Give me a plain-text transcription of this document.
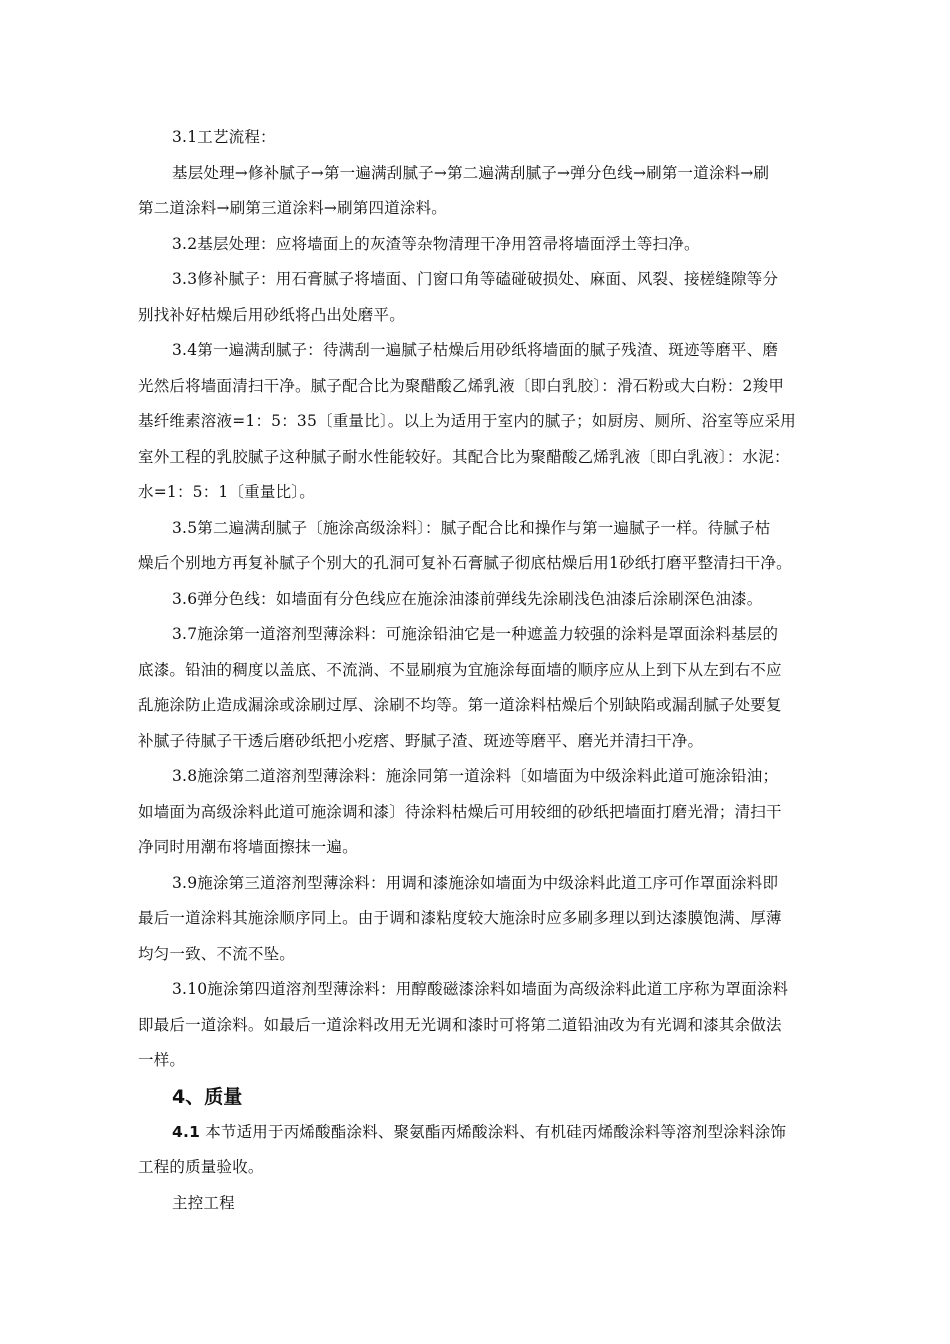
3.1工艺流程：
基层处理→修补腻子→第一遍满刮腻子→第二遍满刮腻子→弹分色线→刷第一道涂料→刷
第二道涂料→刷第三道涂料→刷第四道涂料。
3.2基层处理：应将墙面上的灰渣等杂物清理干净用笤帚将墙面浮土等扫净。
3.3修补腻子：用石膏腻子将墙面、门窗口角等磕碰破损处、麻面、风裂、接槎缝隙等分
别找补好枯燥后用砂纸将凸出处磨平。
3.4第一遍满刮腻子：待满刮一遍腻子枯燥后用砂纸将墙面的腻子残渣、斑迹等磨平、磨
光然后将墙面清扫干净。腻子配合比为聚醋酸乙烯乳液〔即白乳胶〕：滑石粉或大白粉：2羧甲
基纤维素溶液=1：5：35〔重量比〕。以上为适用于室内的腻子；如厨房、厕所、浴室等应采用
室外工程的乳胶腻子这种腻子耐水性能较好。其配合比为聚醋酸乙烯乳液〔即白乳液〕：水泥：
水=1：5：1〔重量比〕。
3.5第二遍满刮腻子〔施涂高级涂料〕：腻子配合比和操作与第一遍腻子一样。待腻子枯
燥后个别地方再复补腻子个别大的孔洞可复补石膏腻子彻底枯燥后用1砂纸打磨平整清扫干净。
3.6弹分色线：如墙面有分色线应在施涂油漆前弹线先涂刷浅色油漆后涂刷深色油漆。
3.7施涂第一道溶剂型薄涂料：可施涂铅油它是一种遮盖力较强的涂料是罩面涂料基层的
底漆。铅油的稠度以盖底、不流淌、不显刷痕为宜施涂每面墙的顺序应从上到下从左到右不应
乱施涂防止造成漏涂或涂刷过厚、涂刷不均等。第一道涂料枯燥后个别缺陷或漏刮腻子处要复
补腻子待腻子干透后磨砂纸把小疙瘩、野腻子渣、斑迹等磨平、磨光并清扫干净。
3.8施涂第二道溶剂型薄涂料：施涂同第一道涂料〔如墙面为中级涂料此道可施涂铅油；
如墙面为高级涂料此道可施涂调和漆〕待涂料枯燥后可用较细的砂纸把墙面打磨光滑；清扫干
净同时用潮布将墙面擦抹一遍。
3.9施涂第三道溶剂型薄涂料：用调和漆施涂如墙面为中级涂料此道工序可作罩面涂料即
最后一道涂料其施涂顺序同上。由于调和漆粘度较大施涂时应多刷多理以到达漆膜饱满、厚薄
均匀一致、不流不坠。
3.10施涂第四道溶剂型薄涂料：用醇酸磁漆涂料如墙面为高级涂料此道工序称为罩面涂料
即最后一道涂料。如最后一道涂料改用无光调和漆时可将第二道铅油改为有光调和漆其余做法
一样。
4、质量
4.1 本节适用于丙烯酸酯涂料、聚氨酯丙烯酸涂料、有机硅丙烯酸涂料等溶剂型涂料涂饰
工程的质量验收。
主控工程
